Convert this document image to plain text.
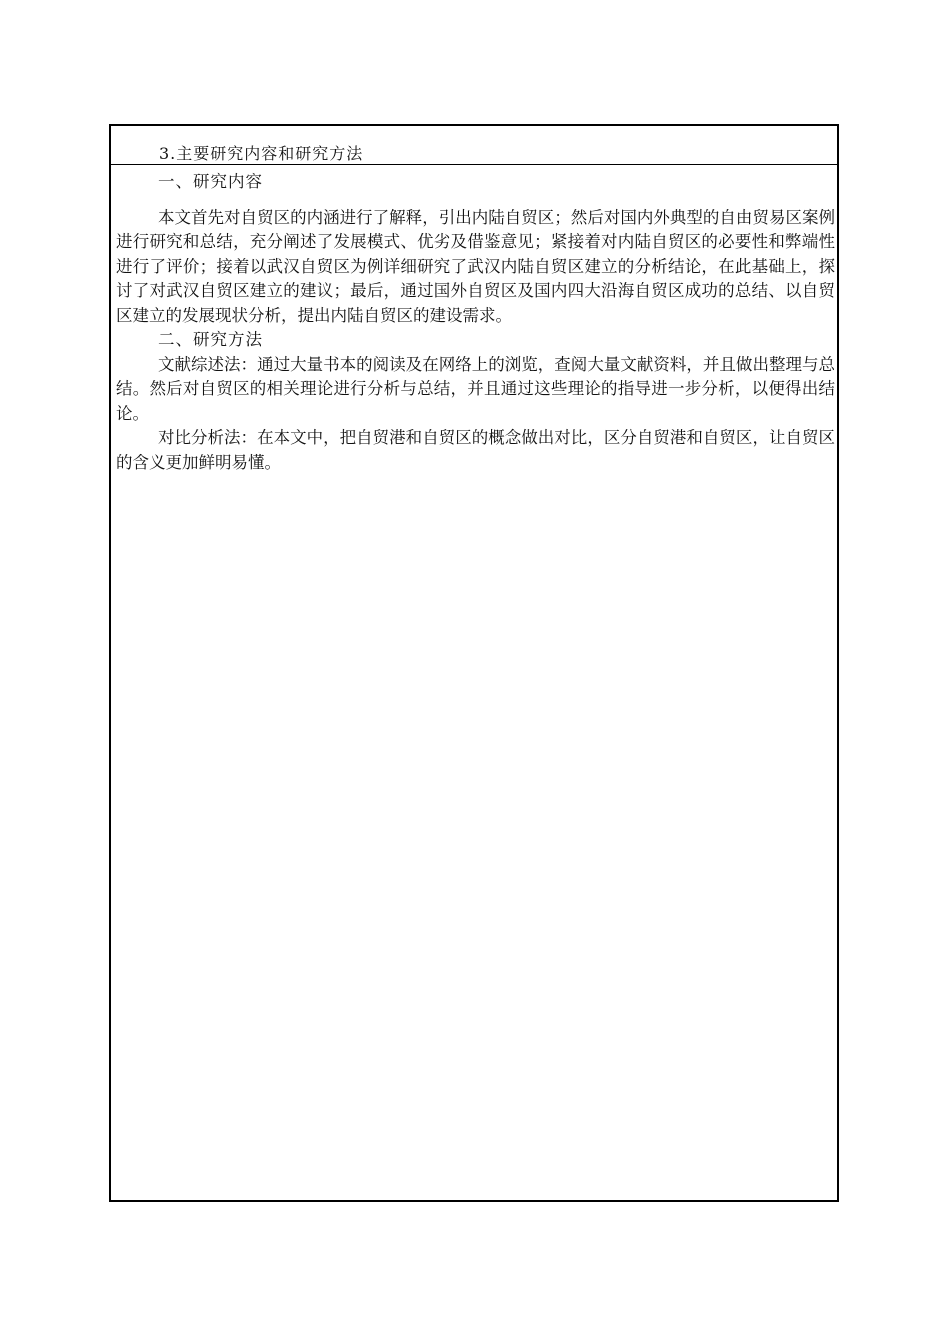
3.主要研究内容和研究方法

一、研究内容

本文首先对自贸区的内涵进行了解释，引出内陆自贸区；然后对国内外典型的自由贸易区案例进行研究和总结，充分阐述了发展模式、优劣及借鉴意见；紧接着对内陆自贸区的必要性和弊端性进行了评价；接着以武汉自贸区为例详细研究了武汉内陆自贸区建立的分析结论，在此基础上，探讨了对武汉自贸区建立的建议；最后，通过国外自贸区及国内四大沿海自贸区成功的总结、以自贸区建立的发展现状分析，提出内陆自贸区的建设需求。

二、研究方法

文献综述法：通过大量书本的阅读及在网络上的浏览，查阅大量文献资料，并且做出整理与总结。然后对自贸区的相关理论进行分析与总结，并且通过这些理论的指导进一步分析，以便得出结论。

对比分析法：在本文中，把自贸港和自贸区的概念做出对比，区分自贸港和自贸区，让自贸区的含义更加鲜明易懂。
